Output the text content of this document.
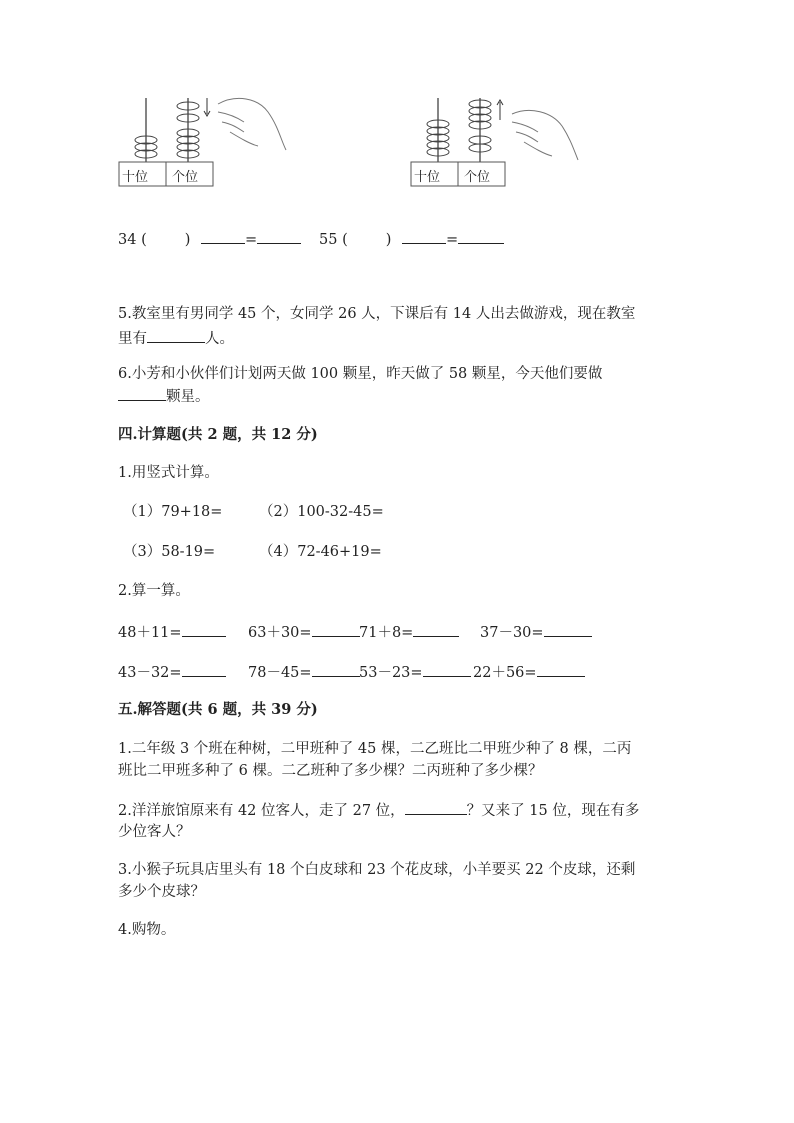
十位 个位	十位 个位
34 (	)	=	55 (	)	=
5.教室里有男同学 45 个，女同学 26 人，下课后有 14 人出去做游戏，现在教室
里有	人。
6.小芳和小伙伴们计划两天做 100 颗星，昨天做了 58 颗星，今天他们要做
颗星。
四.计算题(共 2 题，共 12 分)
1.用竖式计算。
（1）79+18=	（2）100-32-45=
（3）58-19=	（4）72-46+19=
2.算一算。
48＋11=	63＋30=	71＋8=	37－30=
43－32=	78－45=	53－23=	22＋56=
五.解答题(共 6 题，共 39 分)
1.二年级 3 个班在种树，二甲班种了 45 棵，二乙班比二甲班少种了 8 棵，二丙
班比二甲班多种了 6 棵。二乙班种了多少棵？二丙班种了多少棵？
2.洋洋旅馆原来有 42 位客人，走了 27 位，	？又来了 15 位，现在有多
少位客人？
3.小猴子玩具店里头有 18 个白皮球和 23 个花皮球，小羊要买 22 个皮球，还剩
多少个皮球？
4.购物。
